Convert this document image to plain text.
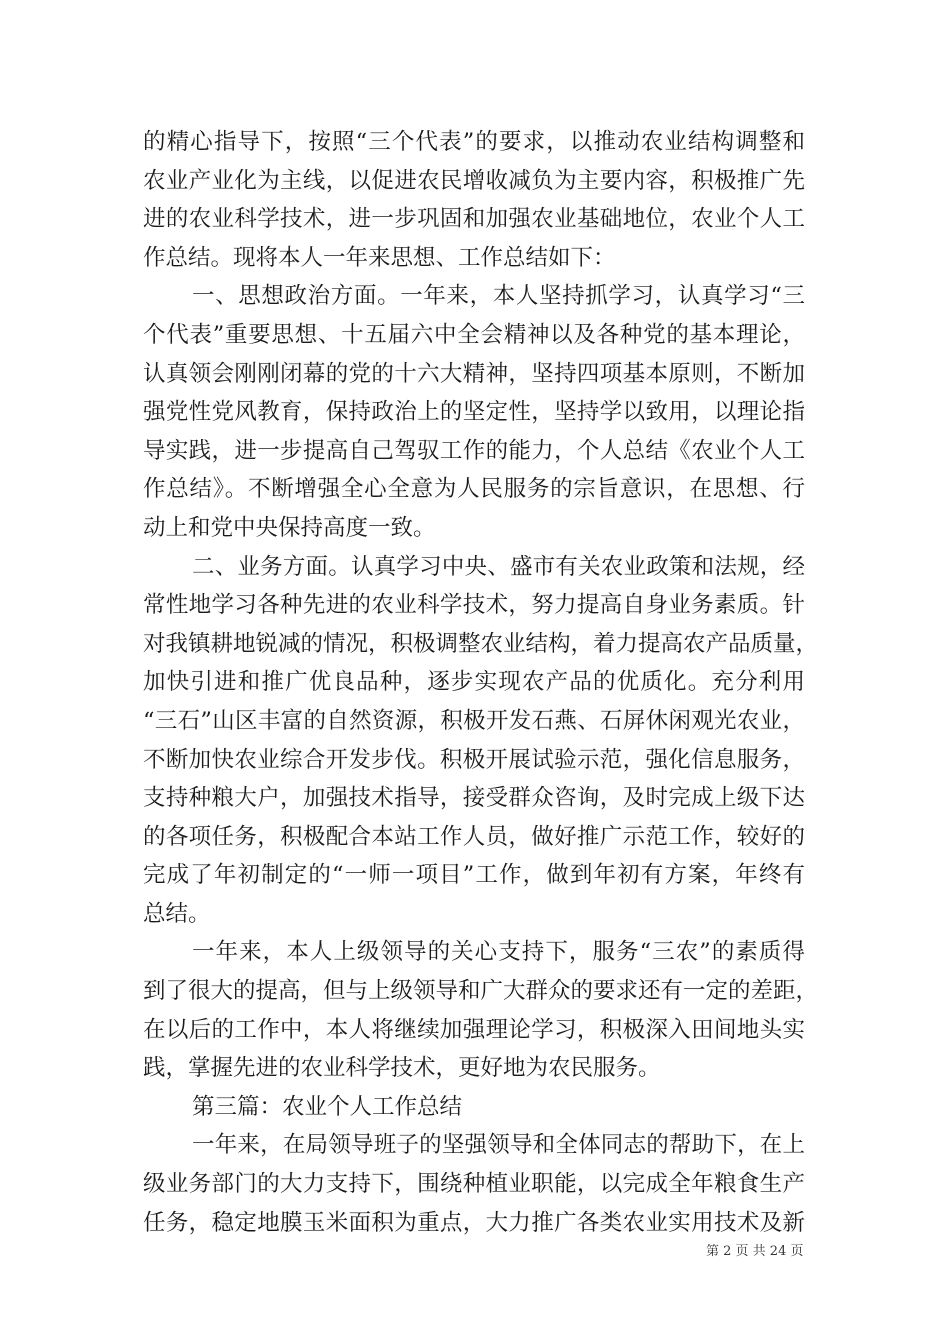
的精心指导下，按照“三个代表”的要求，以推动农业结构调整和
农业产业化为主线，以促进农民增收减负为主要内容，积极推广先
进的农业科学技术，进一步巩固和加强农业基础地位，农业个人工
作总结。现将本人一年来思想、工作总结如下：
一、思想政治方面。一年来，本人坚持抓学习，认真学习“三
个代表”重要思想、十五届六中全会精神以及各种党的基本理论，
认真领会刚刚闭幕的党的十六大精神，坚持四项基本原则，不断加
强党性党风教育，保持政治上的坚定性，坚持学以致用，以理论指
导实践，进一步提高自己驾驭工作的能力，个人总结《农业个人工
作总结》。不断增强全心全意为人民服务的宗旨意识，在思想、行
动上和党中央保持高度一致。
二、业务方面。认真学习中央、盛市有关农业政策和法规，经
常性地学习各种先进的农业科学技术，努力提高自身业务素质。针
对我镇耕地锐减的情况，积极调整农业结构，着力提高农产品质量，
加快引进和推广优良品种，逐步实现农产品的优质化。充分利用
“三石”山区丰富的自然资源，积极开发石燕、石屏休闲观光农业，
不断加快农业综合开发步伐。积极开展试验示范，强化信息服务，
支持种粮大户，加强技术指导，接受群众咨询，及时完成上级下达
的各项任务，积极配合本站工作人员，做好推广示范工作，较好的
完成了年初制定的“一师一项目”工作，做到年初有方案，年终有
总结。
一年来，本人上级领导的关心支持下，服务“三农”的素质得
到了很大的提高，但与上级领导和广大群众的要求还有一定的差距，
在以后的工作中，本人将继续加强理论学习，积极深入田间地头实
践，掌握先进的农业科学技术，更好地为农民服务。
第三篇：农业个人工作总结
一年来，在局领导班子的坚强领导和全体同志的帮助下，在上
级业务部门的大力支持下，围绕种植业职能，以完成全年粮食生产
任务，稳定地膜玉米面积为重点，大力推广各类农业实用技术及新
第 2 页 共 24 页
